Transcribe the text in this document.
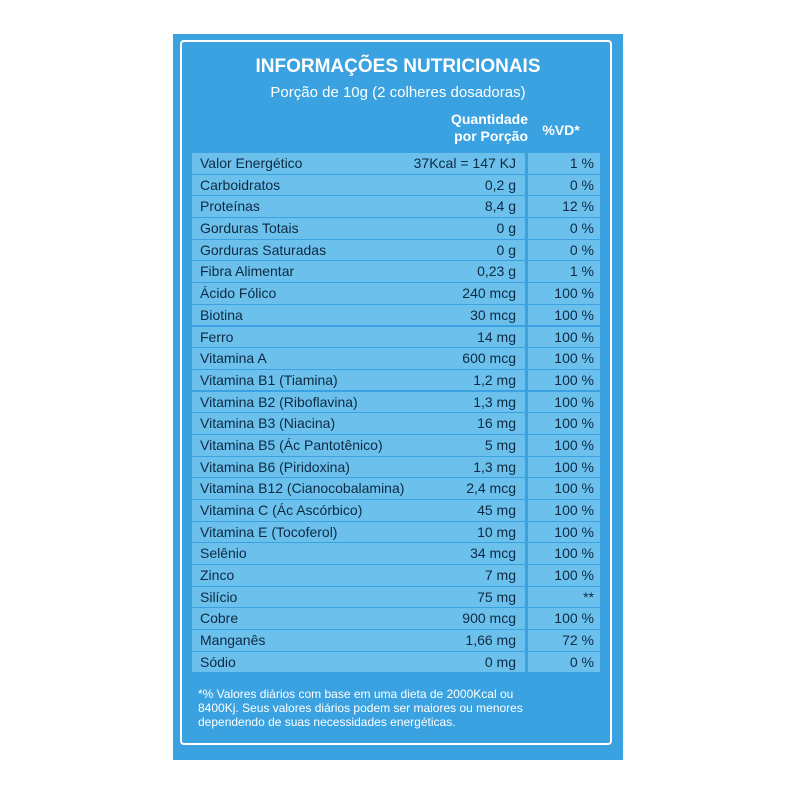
INFORMAÇÕES NUTRICIONAIS
Porção de 10g (2 colheres dosadoras)
Quantidade
por Porção	%VD*
Valor Energético	37Kcal = 147 KJ	1 %
Carboidratos	0,2 g	0 %
Proteínas	8,4 g	12 %
Gorduras Totais	0 g	0 %
Gorduras Saturadas	0 g	0 %
Fibra Alimentar	0,23 g	1 %
Ácido Fólico	240 mcg	100 %
Biotina	30 mcg	100 %
Ferro	14 mg	100 %
Vitamina A	600 mcg	100 %
Vitamina B1 (Tiamina)	1,2 mg	100 %
Vitamina B2 (Riboflavina)	1,3 mg	100 %
Vitamina B3 (Niacina)	16 mg	100 %
Vitamina B5 (Ác Pantotênico)	5 mg	100 %
Vitamina B6 (Piridoxina)	1,3 mg	100 %
Vitamina B12 (Cianocobalamina)	2,4 mcg	100 %
Vitamina C (Ác Ascórbico)	45 mg	100 %
Vitamina E (Tocoferol)	10 mg	100 %
Selênio	34 mcg	100 %
Zinco	7 mg	100 %
Silício	75 mg	**
Cobre	900 mcg	100 %
Manganês	1,66 mg	72 %
Sódio	0 mg	0 %
*% Valores diários com base em uma dieta de 2000Kcal ou
8400Kj. Seus valores diários podem ser maiores ou menores
dependendo de suas necessidades energéticas.
